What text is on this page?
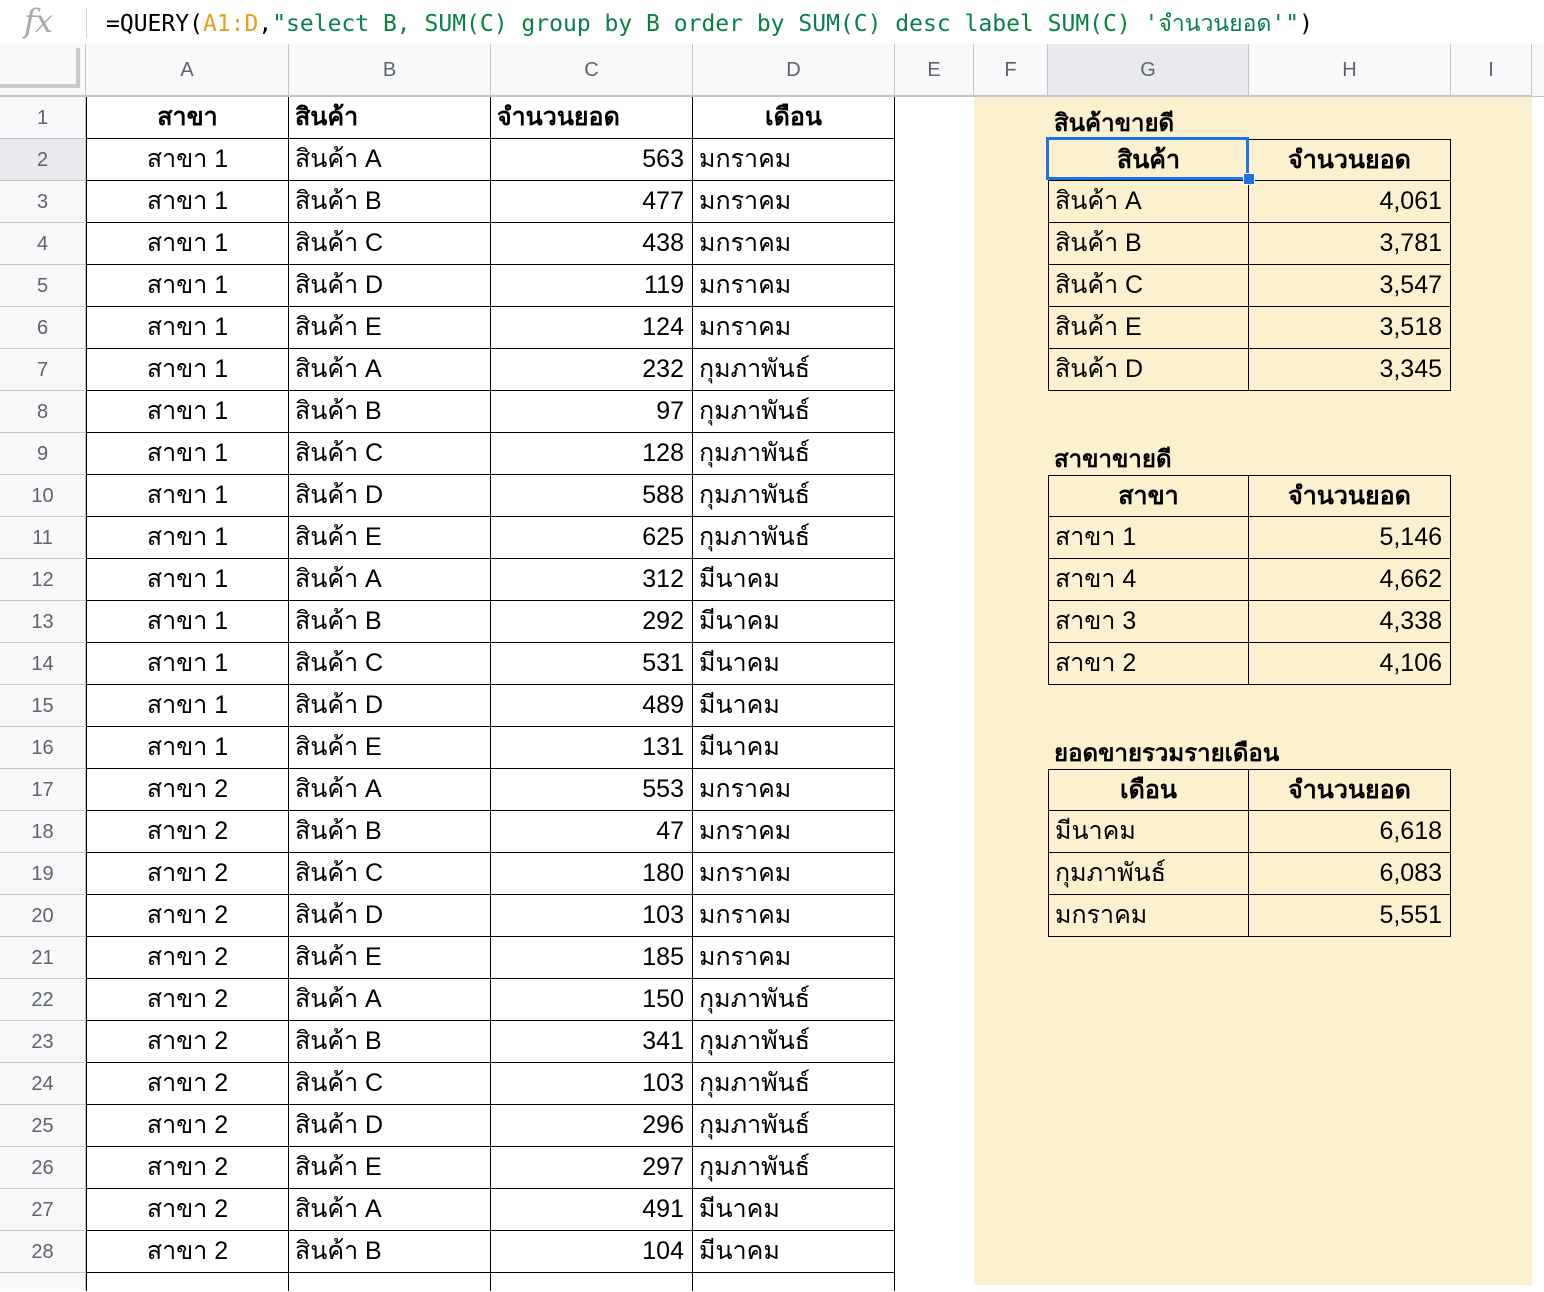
fx =QUERY(A1:D,"select B, SUM(C) group by B order by SUM(C) desc label SUM(C) 'จำนวนยอด'")
A	B	C	D	E	F	G	H	I
1
2
3
4
5
6
7
8
9
10
11
12
13
14
15
16
17
18
19
20
21
22
23
24
25
26
27
28
สาขา	สินค้า	จำนวนยอด	เดือน
สาขา 1	สินค้า A	563 มกราคม
สาขา 1	สินค้า B	477 มกราคม
สาขา 1	สินค้า C	438 มกราคม
สาขา 1	สินค้า D	119 มกราคม
สาขา 1	สินค้า E	124 มกราคม
สาขา 1	สินค้า A	232 กุมภาพันธ์
สาขา 1	สินค้า B	97 กุมภาพันธ์
สาขา 1	สินค้า C	128 กุมภาพันธ์
สาขา 1	สินค้า D	588 กุมภาพันธ์
สาขา 1	สินค้า E	625 กุมภาพันธ์
สาขา 1	สินค้า A	312 มีนาคม
สาขา 1	สินค้า B	292 มีนาคม
สาขา 1	สินค้า C	531 มีนาคม
สาขา 1	สินค้า D	489 มีนาคม
สาขา 1	สินค้า E	131 มีนาคม
สาขา 2	สินค้า A	553 มกราคม
สาขา 2	สินค้า B	47 มกราคม
สาขา 2	สินค้า C	180 มกราคม
สาขา 2	สินค้า D	103 มกราคม
สาขา 2	สินค้า E	185 มกราคม
สาขา 2	สินค้า A	150 กุมภาพันธ์
สาขา 2	สินค้า B	341 กุมภาพันธ์
สาขา 2	สินค้า C	103 กุมภาพันธ์
สาขา 2	สินค้า D	296 กุมภาพันธ์
สาขา 2	สินค้า E	297 กุมภาพันธ์
สาขา 2	สินค้า A	491 มีนาคม
สาขา 2	สินค้า B	104 มีนาคม
สินค้าขายดี
สินค้า	จำนวนยอด
สินค้า A	4,061
สินค้า B	3,781
สินค้า C	3,547
สินค้า E	3,518
สินค้า D	3,345
สาขาขายดี
สาขา	จำนวนยอด
สาขา 1	5,146
สาขา 4	4,662
สาขา 3	4,338
สาขา 2	4,106
ยอดขายรวมรายเดือน
เดือน	จำนวนยอด
มีนาคม	6,618
กุมภาพันธ์	6,083
มกราคม	5,551
